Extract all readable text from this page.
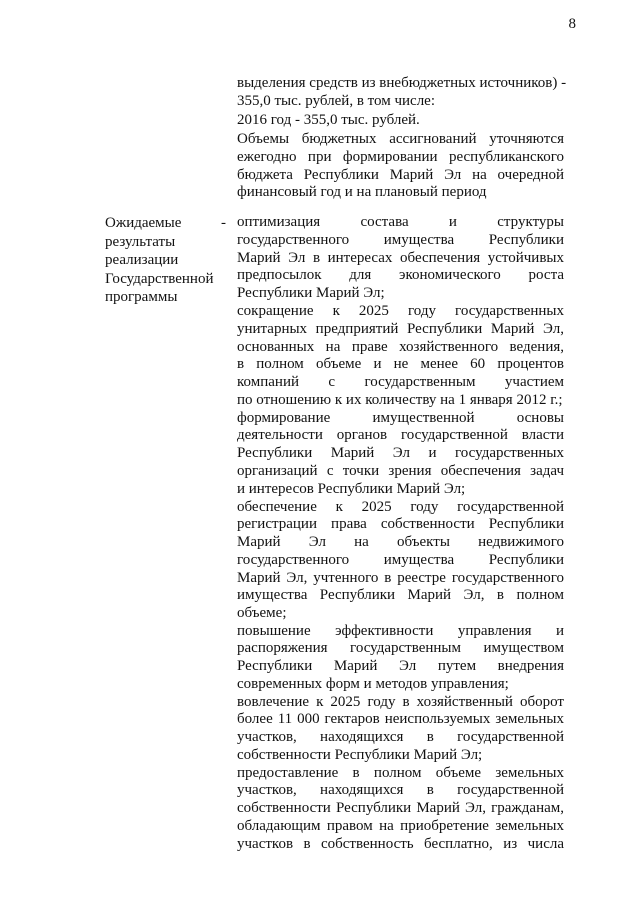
8
выделения средств из внебюджетных источников) -
355,0 тыс. рублей, в том числе:
2016 год - 355,0 тыс. рублей.
Объемы бюджетных ассигнований уточняются
ежегодно при формировании республиканского
бюджета Республики Марий Эл на очередной
финансовый год и на плановый период
Ожидаемые
результаты
реализации
Государственной
программы
- оптимизация состава и структуры
государственного имущества Республики
Марий Эл в интересах обеспечения устойчивых
предпосылок для экономического роста
Республики Марий Эл;
сокращение к 2025 году государственных
унитарных предприятий Республики Марий Эл,
основанных на праве хозяйственного ведения,
в полном объеме и не менее 60 процентов
компаний с государственным участием
по отношению к их количеству на 1 января 2012 г.;
формирование имущественной основы
деятельности органов государственной власти
Республики Марий Эл и государственных
организаций с точки зрения обеспечения задач
и интересов Республики Марий Эл;
обеспечение к 2025 году государственной
регистрации права собственности Республики
Марий Эл на объекты недвижимого
государственного имущества Республики
Марий Эл, учтенного в реестре государственного
имущества Республики Марий Эл, в полном
объеме;
повышение эффективности управления и
распоряжения государственным имуществом
Республики Марий Эл путем внедрения
современных форм и методов управления;
вовлечение к 2025 году в хозяйственный оборот
более 11 000 гектаров неиспользуемых земельных
участков, находящихся в государственной
собственности Республики Марий Эл;
предоставление в полном объеме земельных
участков, находящихся в государственной
собственности Республики Марий Эл, гражданам,
обладающим правом на приобретение земельных
участков в собственность бесплатно, из числа
